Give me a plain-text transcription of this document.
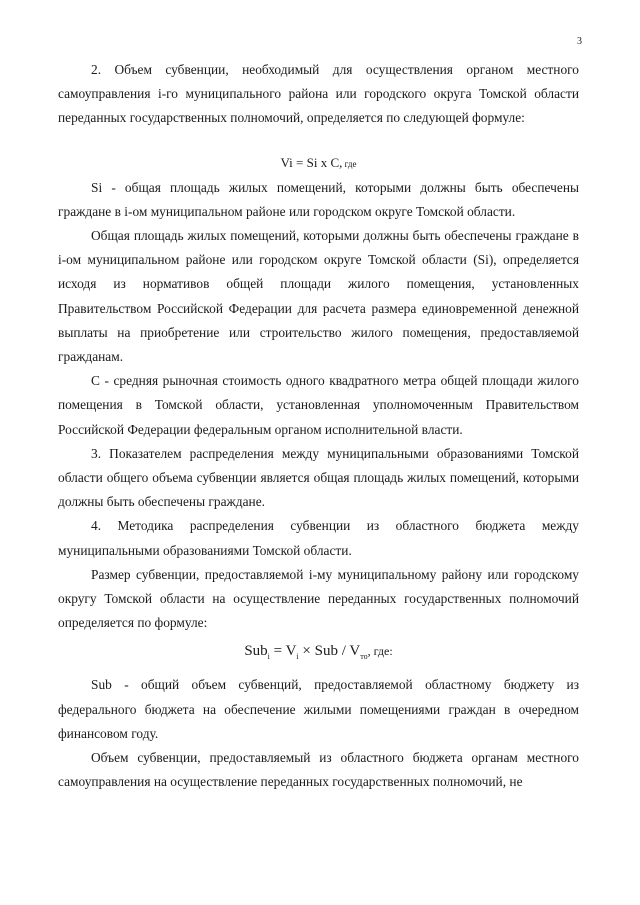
3

2. Объем субвенции, необходимый для осуществления органом местного самоуправления i-го муниципального района или городского округа Томской области переданных государственных полномочий, определяется по следующей формуле:

Vi = Si x C, где

Si - общая площадь жилых помещений, которыми должны быть обеспечены граждане в i-ом муниципальном районе или городском округе Томской области.

Общая площадь жилых помещений, которыми должны быть обеспечены граждане в i-ом муниципальном районе или городском округе Томской области (Si), определяется исходя из нормативов общей площади жилого помещения, установленных Правительством Российской Федерации для расчета размера единовременной денежной выплаты на приобретение или строительство жилого помещения, предоставляемой гражданам.

C - средняя рыночная стоимость одного квадратного метра общей площади жилого помещения в Томской области, установленная уполномоченным Правительством Российской Федерации федеральным органом исполнительной власти.

3. Показателем распределения между муниципальными образованиями Томской области общего объема субвенции является общая площадь жилых помещений, которыми должны быть обеспечены граждане.

4. Методика распределения субвенции из областного бюджета между муниципальными образованиями Томской области.

Размер субвенции, предоставляемой i-му муниципальному району или городскому округу Томской области на осуществление переданных государственных полномочий определяется по формуле:

$Sub_i = V_i$ × Sub / $V_{то}$, где:

Sub - общий объем субвенций, предоставляемой областному бюджету из федерального бюджета на обеспечение жилыми помещениями граждан в очередном финансовом году.

Объем субвенции, предоставляемый из областного бюджета органам местного самоуправления на осуществление переданных государственных полномочий, не
